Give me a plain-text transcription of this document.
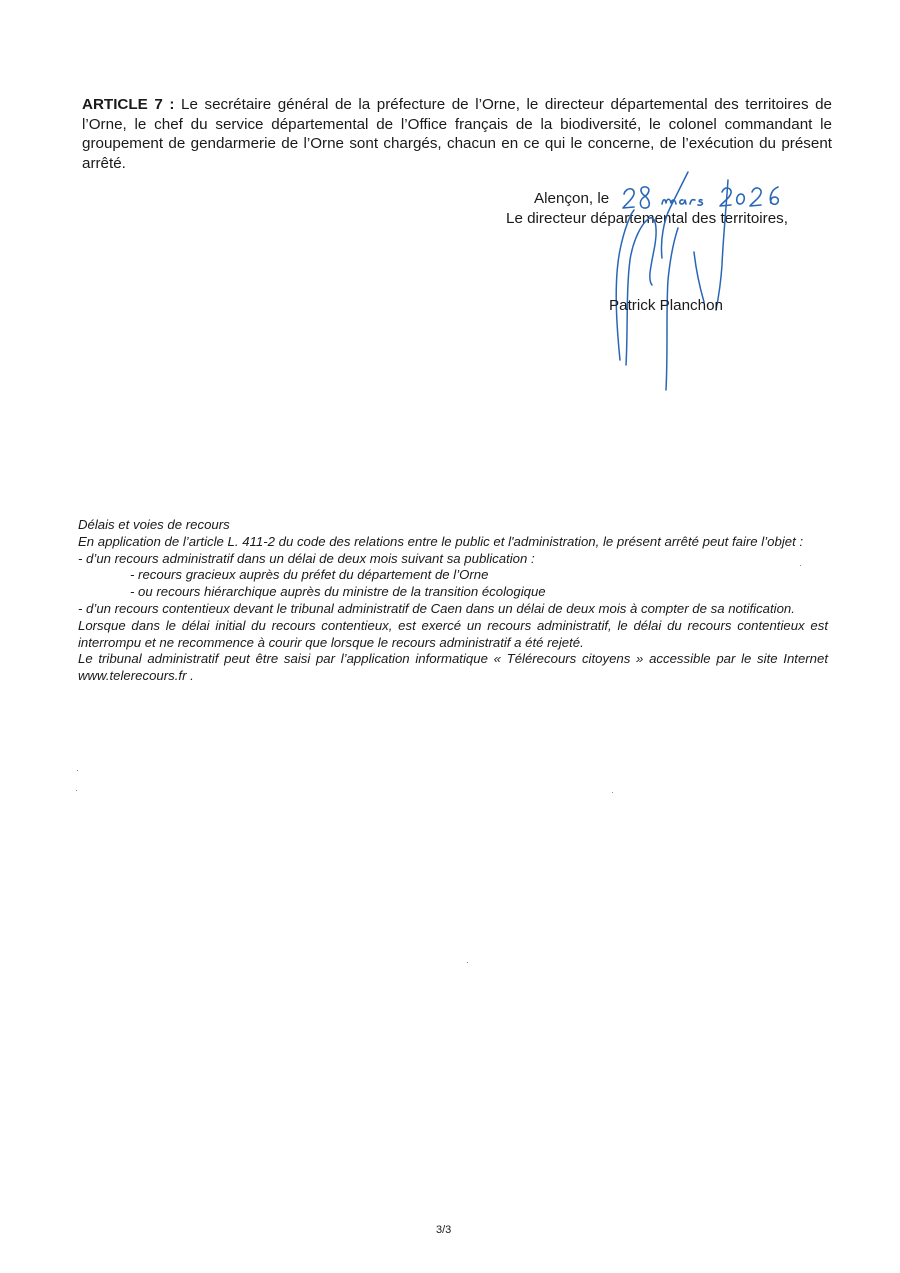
ARTICLE 7 : Le secrétaire général de la préfecture de l’Orne, le directeur départemental des territoires de l’Orne, le chef du service départemental de l’Office français de la biodiversité, le colonel commandant le groupement de gendarmerie de l’Orne sont chargés, chacun en ce qui le concerne, de l’exécution du présent arrêté.

Alençon, le
Le directeur départemental des territoires,
Patrick Planchon

Délais et voies de recours

En application de l’article L. 411-2 du code des relations entre le public et l'administration, le présent arrêté peut faire l’objet :

- d’un recours administratif dans un délai de deux mois suivant sa publication :

- recours gracieux auprès du préfet du département de l’Orne

- ou recours hiérarchique auprès du ministre de la transition écologique

- d’un recours contentieux devant le tribunal administratif de Caen dans un délai de deux mois à compter de sa notification.

Lorsque dans le délai initial du recours contentieux, est exercé un recours administratif, le délai du recours contentieux est interrompu et ne recommence à courir que lorsque le recours administratif a été rejeté.

Le tribunal administratif peut être saisi par l’application informatique « Télérecours citoyens » accessible par le site Internet www.telerecours.fr .

3/3
